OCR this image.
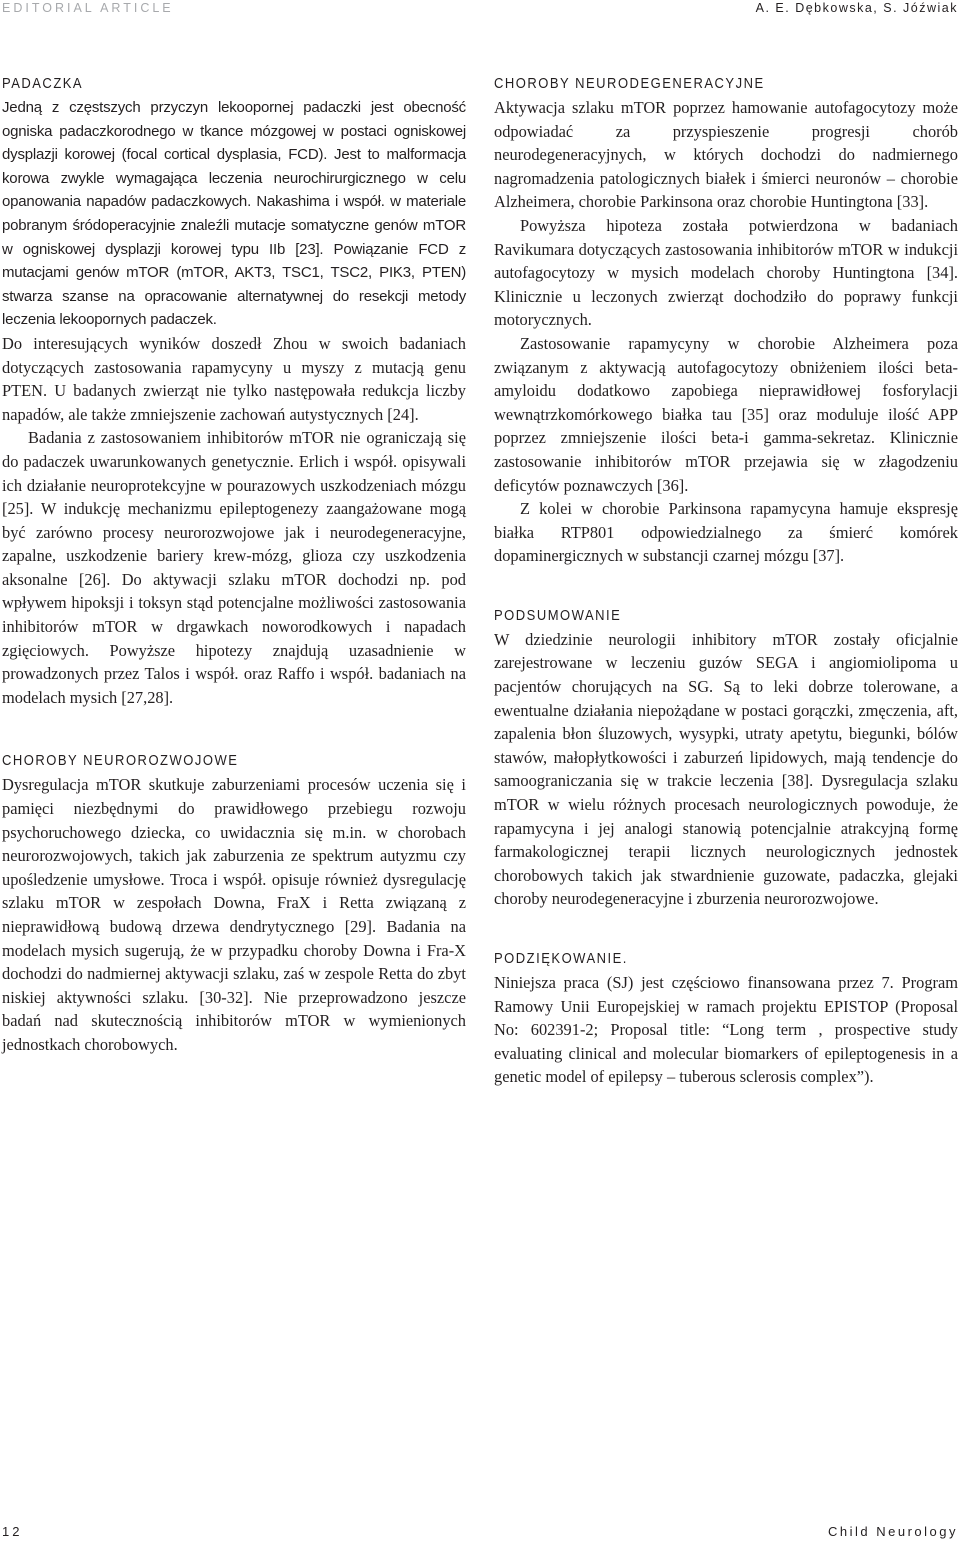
EDITORIAL ARTICLE	A. E. Dębkowska, S. Jóźwiak
PADACZKA

Jedną z częstszych przyczyn lekoopornej padaczki jest obecność ogniska padaczkorodnego w tkance mózgowej w postaci ogniskowej dysplazji korowej (focal cortical dysplasia, FCD). Jest to malformacja korowa zwykle wymagająca leczenia neurochirurgicznego w celu opanowania napadów padaczkowych. Nakashima i współ. w materiale pobranym śródoperacyjnie znaleźli mutacje somatyczne genów mTOR w ogniskowej dysplazji korowej typu IIb [23]. Powiązanie FCD z mutacjami genów mTOR (mTOR, AKT3, TSC1, TSC2, PIK3, PTEN) stwarza szanse na opracowanie alternatywnej do resekcji metody leczenia lekoopornych padaczek.

Do interesujących wyników doszedł Zhou w swoich badaniach dotyczących zastosowania rapamycyny u myszy z mutacją genu PTEN. U badanych zwierząt nie tylko następowała redukcja liczby napadów, ale także zmniejszenie zachowań autystycznych [24].

Badania z zastosowaniem inhibitorów mTOR nie ograniczają się do padaczek uwarunkowanych genetycznie. Erlich i współ. opisywali ich działanie neuroprotekcyjne w pourazowych uszkodzeniach mózgu [25]. W indukcję mechanizmu epileptogenezy zaangażowane mogą być zarówno procesy neurorozwojowe jak i neurodegeneracyjne, zapalne, uszkodzenie bariery krew-mózg, glioza czy uszkodzenia aksonalne [26]. Do aktywacji szlaku mTOR dochodzi np. pod wpływem hipoksji i toksyn stąd potencjalne możliwości zastosowania inhibitorów mTOR w drgawkach noworodkowych i napadach zgięciowych. Powyższe hipotezy znajdują uzasadnienie w prowadzonych przez Talos i współ. oraz Raffo i współ. badaniach na modelach mysich [27,28].

CHOROBY NEUROROZWOJOWE

Dysregulacja mTOR skutkuje zaburzeniami procesów uczenia się i pamięci niezbędnymi do prawidłowego przebiegu rozwoju psychoruchowego dziecka, co uwidacznia się m.in. w chorobach neurorozwojowych, takich jak zaburzenia ze spektrum autyzmu czy upośledzenie umysłowe. Troca i współ. opisuje również dysregulację szlaku mTOR w zespołach Downa, FraX i Retta związaną z nieprawidłową budową drzewa dendrytycznego [29]. Badania na modelach mysich sugerują, że w przypadku choroby Downa i Fra-X dochodzi do nadmiernej aktywacji szlaku, zaś w zespole Retta do zbyt niskiej aktywności szlaku. [30-32]. Nie przeprowadzono jeszcze badań nad skutecznością inhibitorów mTOR w wymienionych jednostkach chorobowych.

CHOROBY NEURODEGENERACYJNE

Aktywacja szlaku mTOR poprzez hamowanie autofagocytozy może odpowiadać za przyspieszenie progresji chorób neurodegeneracyjnych, w których dochodzi do nadmiernego nagromadzenia patologicznych białek i śmierci neuronów – chorobie Alzheimera, chorobie Parkinsona oraz chorobie Huntingtona [33].

Powyższa hipoteza została potwierdzona w badaniach Ravikumara dotyczących zastosowania inhibitorów mTOR w indukcji autofagocytozy w mysich modelach choroby Huntingtona [34]. Klinicznie u leczonych zwierząt dochodziło do poprawy funkcji motorycznych.

Zastosowanie rapamycyny w chorobie Alzheimera poza związanym z aktywacją autofagocytozy obniżeniem ilości beta-amyloidu dodatkowo zapobiega nieprawidłowej fosforylacji wewnątrzkomórkowego białka tau [35] oraz moduluje ilość APP poprzez zmniejszenie ilości beta-i gamma-sekretaz. Klinicznie zastosowanie inhibitorów mTOR przejawia się w złagodzeniu deficytów poznawczych [36].

Z kolei w chorobie Parkinsona rapamycyna hamuje ekspresję białka RTP801 odpowiedzialnego za śmierć komórek dopaminergicznych w substancji czarnej mózgu [37].

PODSUMOWANIE

W dziedzinie neurologii inhibitory mTOR zostały oficjalnie zarejestrowane w leczeniu guzów SEGA i angiomiolipoma u pacjentów chorujących na SG. Są to leki dobrze tolerowane, a ewentualne działania niepożądane w postaci gorączki, zmęczenia, aft, zapalenia błon śluzowych, wysypki, utraty apetytu, biegunki, bólów stawów, małopłytkowości i zaburzeń lipidowych, mają tendencje do samoograniczania się w trakcie leczenia [38]. Dysregulacja szlaku mTOR w wielu różnych procesach neurologicznych powoduje, że rapamycyna i jej analogi stanowią potencjalnie atrakcyjną formę farmakologicznej terapii licznych neurologicznych jednostek chorobowych takich jak stwardnienie guzowate, padaczka, glejaki choroby neurodegeneracyjne i zburzenia neurorozwojowe.

PODZIĘKOWANIE.

Niniejsza praca (SJ) jest częściowo finansowana przez 7. Program Ramowy Unii Europejskiej w ramach projektu EPISTOP (Proposal No: 602391-2; Proposal title: “Long term , prospective study evaluating clinical and molecular biomarkers of epileptogenesis in a genetic model of epilepsy – tuberous sclerosis complex”).

12	Child Neurology
